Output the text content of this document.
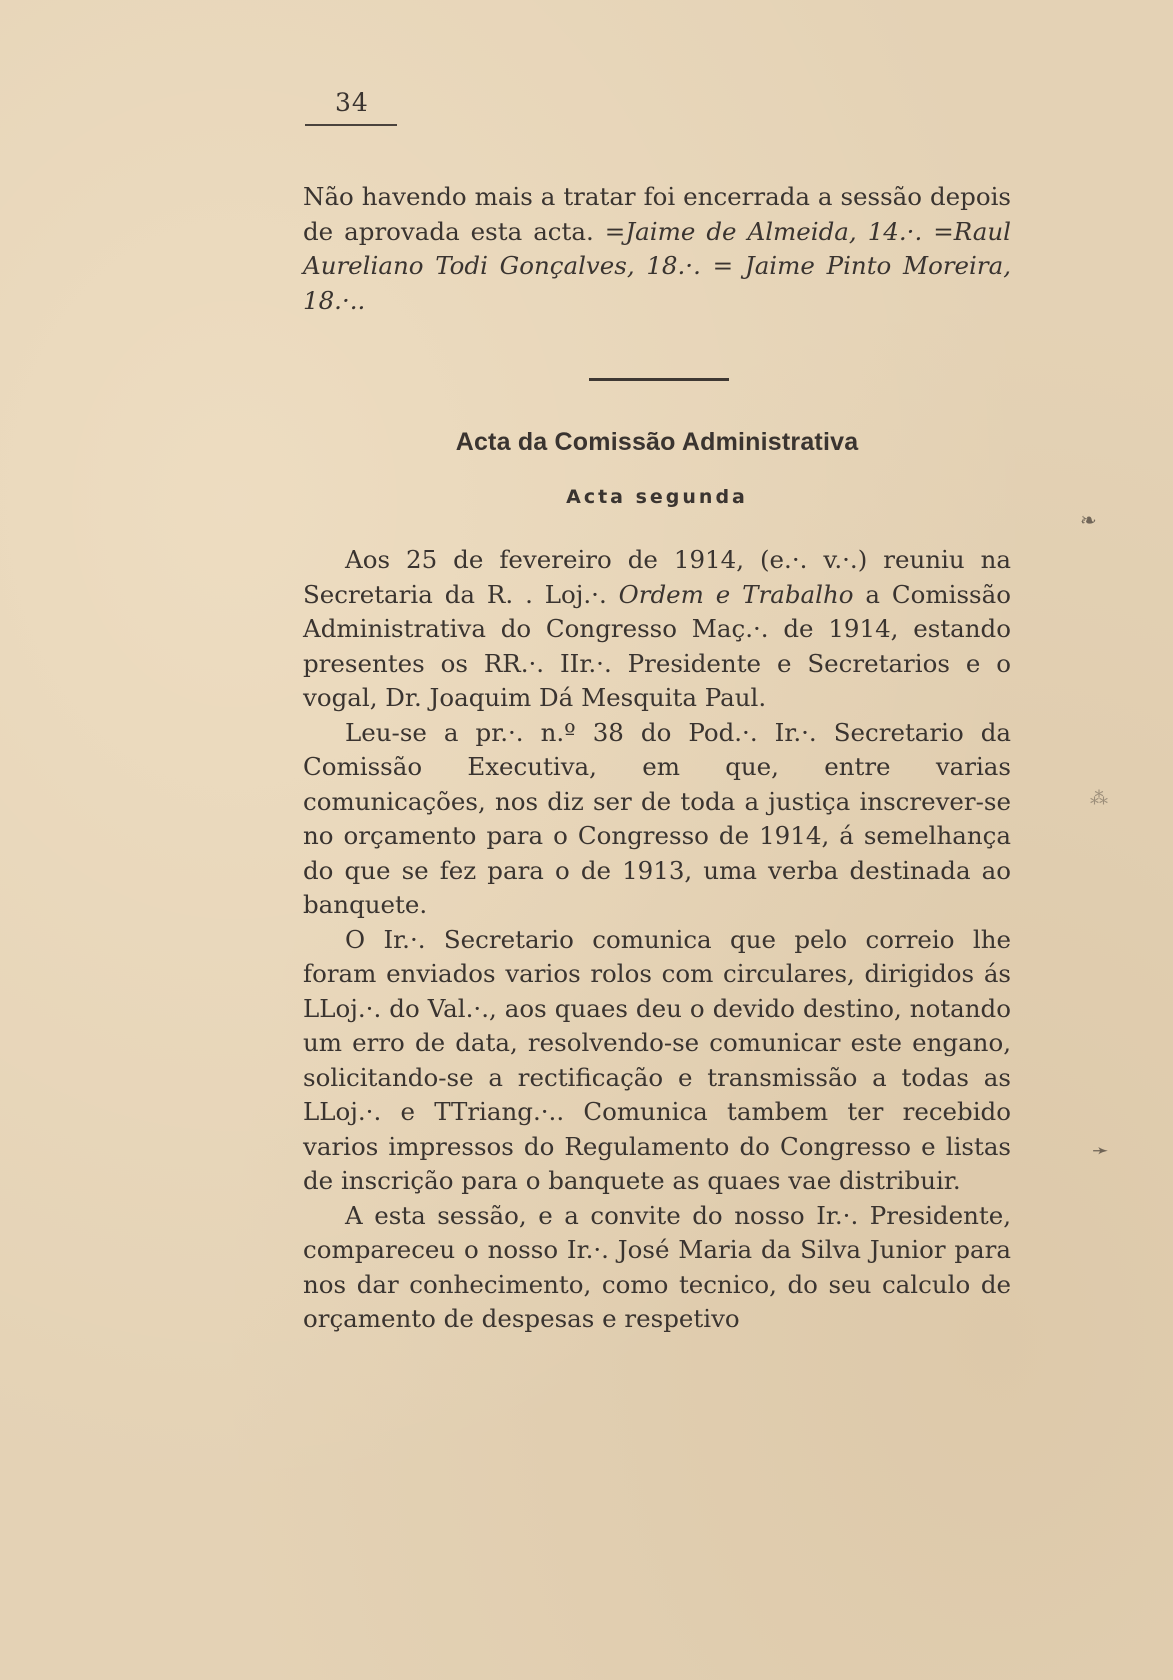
34

Não havendo mais a tratar foi encerrada a sessão depois de aprovada esta acta. =Jaime de Almeida, 14.·. =Raul Aureliano Todi Gonçalves, 18.·. = Jaime Pinto Moreira, 18.·..

Acta da Comissão Administrativa
Acta segunda

Aos 25 de fevereiro de 1914, (e.·. v.·.) reuniu na Secretaria da R. . Loj.·. Ordem e Trabalho a Comissão Administrativa do Congresso Maç.·. de 1914, estando presentes os RR.·. IIr.·. Presidente e Secretarios e o vogal, Dr. Joaquim Dá Mesquita Paul.

Leu-se a pr.·. n.º 38 do Pod.·. Ir.·. Secretario da Comissão Executiva, em que, entre varias comunicações, nos diz ser de toda a justiça inscrever-se no orçamento para o Congresso de 1914, á semelhança do que se fez para o de 1913, uma verba destinada ao banquete.

O Ir.·. Secretario comunica que pelo correio lhe foram enviados varios rolos com circulares, dirigidos ás LLoj.·. do Val.·., aos quaes deu o devido destino, notando um erro de data, resolvendo-se comunicar este engano, solicitando-se a rectificação e transmissão a todas as LLoj.·. e TTriang.·.. Comunica tambem ter recebido varios impressos do Regulamento do Congresso e listas de inscrição para o banquete as quaes vae distribuir.

A esta sessão, e a convite do nosso Ir.·. Presidente, compareceu o nosso Ir.·. José Maria da Silva Junior para nos dar conhecimento, como tecnico, do seu calculo de orçamento de despesas e respetivo

❧
⁂
➛
